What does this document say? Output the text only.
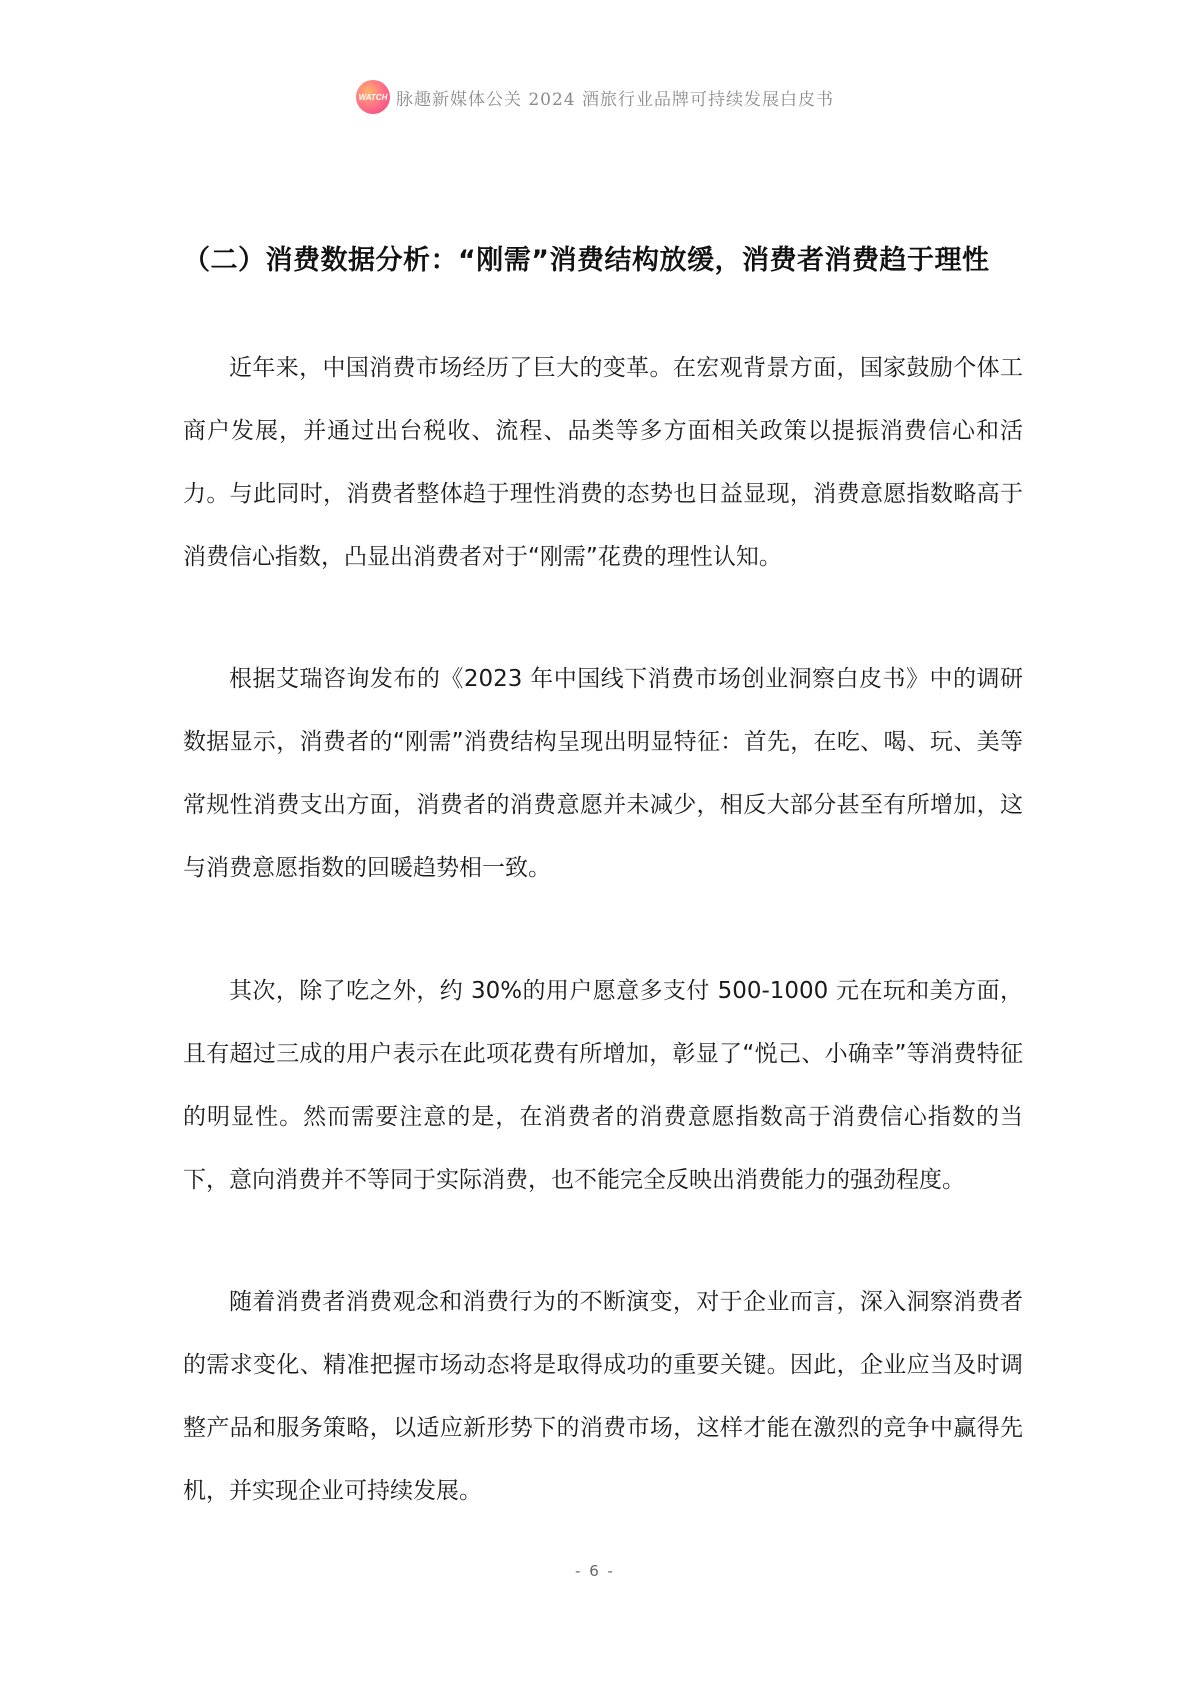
WATCH 脉趣新媒体公关 2024 酒旅行业品牌可持续发展白皮书
（二）消费数据分析：“刚需”消费结构放缓，消费者消费趋于理性

近年来，中国消费市场经历了巨大的变革。在宏观背景方面，国家鼓励个体工商户发展，并通过出台税收、流程、品类等多方面相关政策以提振消费信心和活力。与此同时，消费者整体趋于理性消费的态势也日益显现，消费意愿指数略高于消费信心指数，凸显出消费者对于“刚需”花费的理性认知。

根据艾瑞咨询发布的《2023 年中国线下消费市场创业洞察白皮书》中的调研数据显示，消费者的“刚需”消费结构呈现出明显特征：首先，在吃、喝、玩、美等常规性消费支出方面，消费者的消费意愿并未减少，相反大部分甚至有所增加，这与消费意愿指数的回暖趋势相一致。

其次，除了吃之外，约 30%的用户愿意多支付 500-1000 元在玩和美方面，且有超过三成的用户表示在此项花费有所增加，彰显了“悦己、小确幸”等消费特征的明显性。然而需要注意的是，在消费者的消费意愿指数高于消费信心指数的当下，意向消费并不等同于实际消费，也不能完全反映出消费能力的强劲程度。

随着消费者消费观念和消费行为的不断演变，对于企业而言，深入洞察消费者的需求变化、精准把握市场动态将是取得成功的重要关键。因此，企业应当及时调整产品和服务策略，以适应新形势下的消费市场，这样才能在激烈的竞争中赢得先机，并实现企业可持续发展。

- 6 -
